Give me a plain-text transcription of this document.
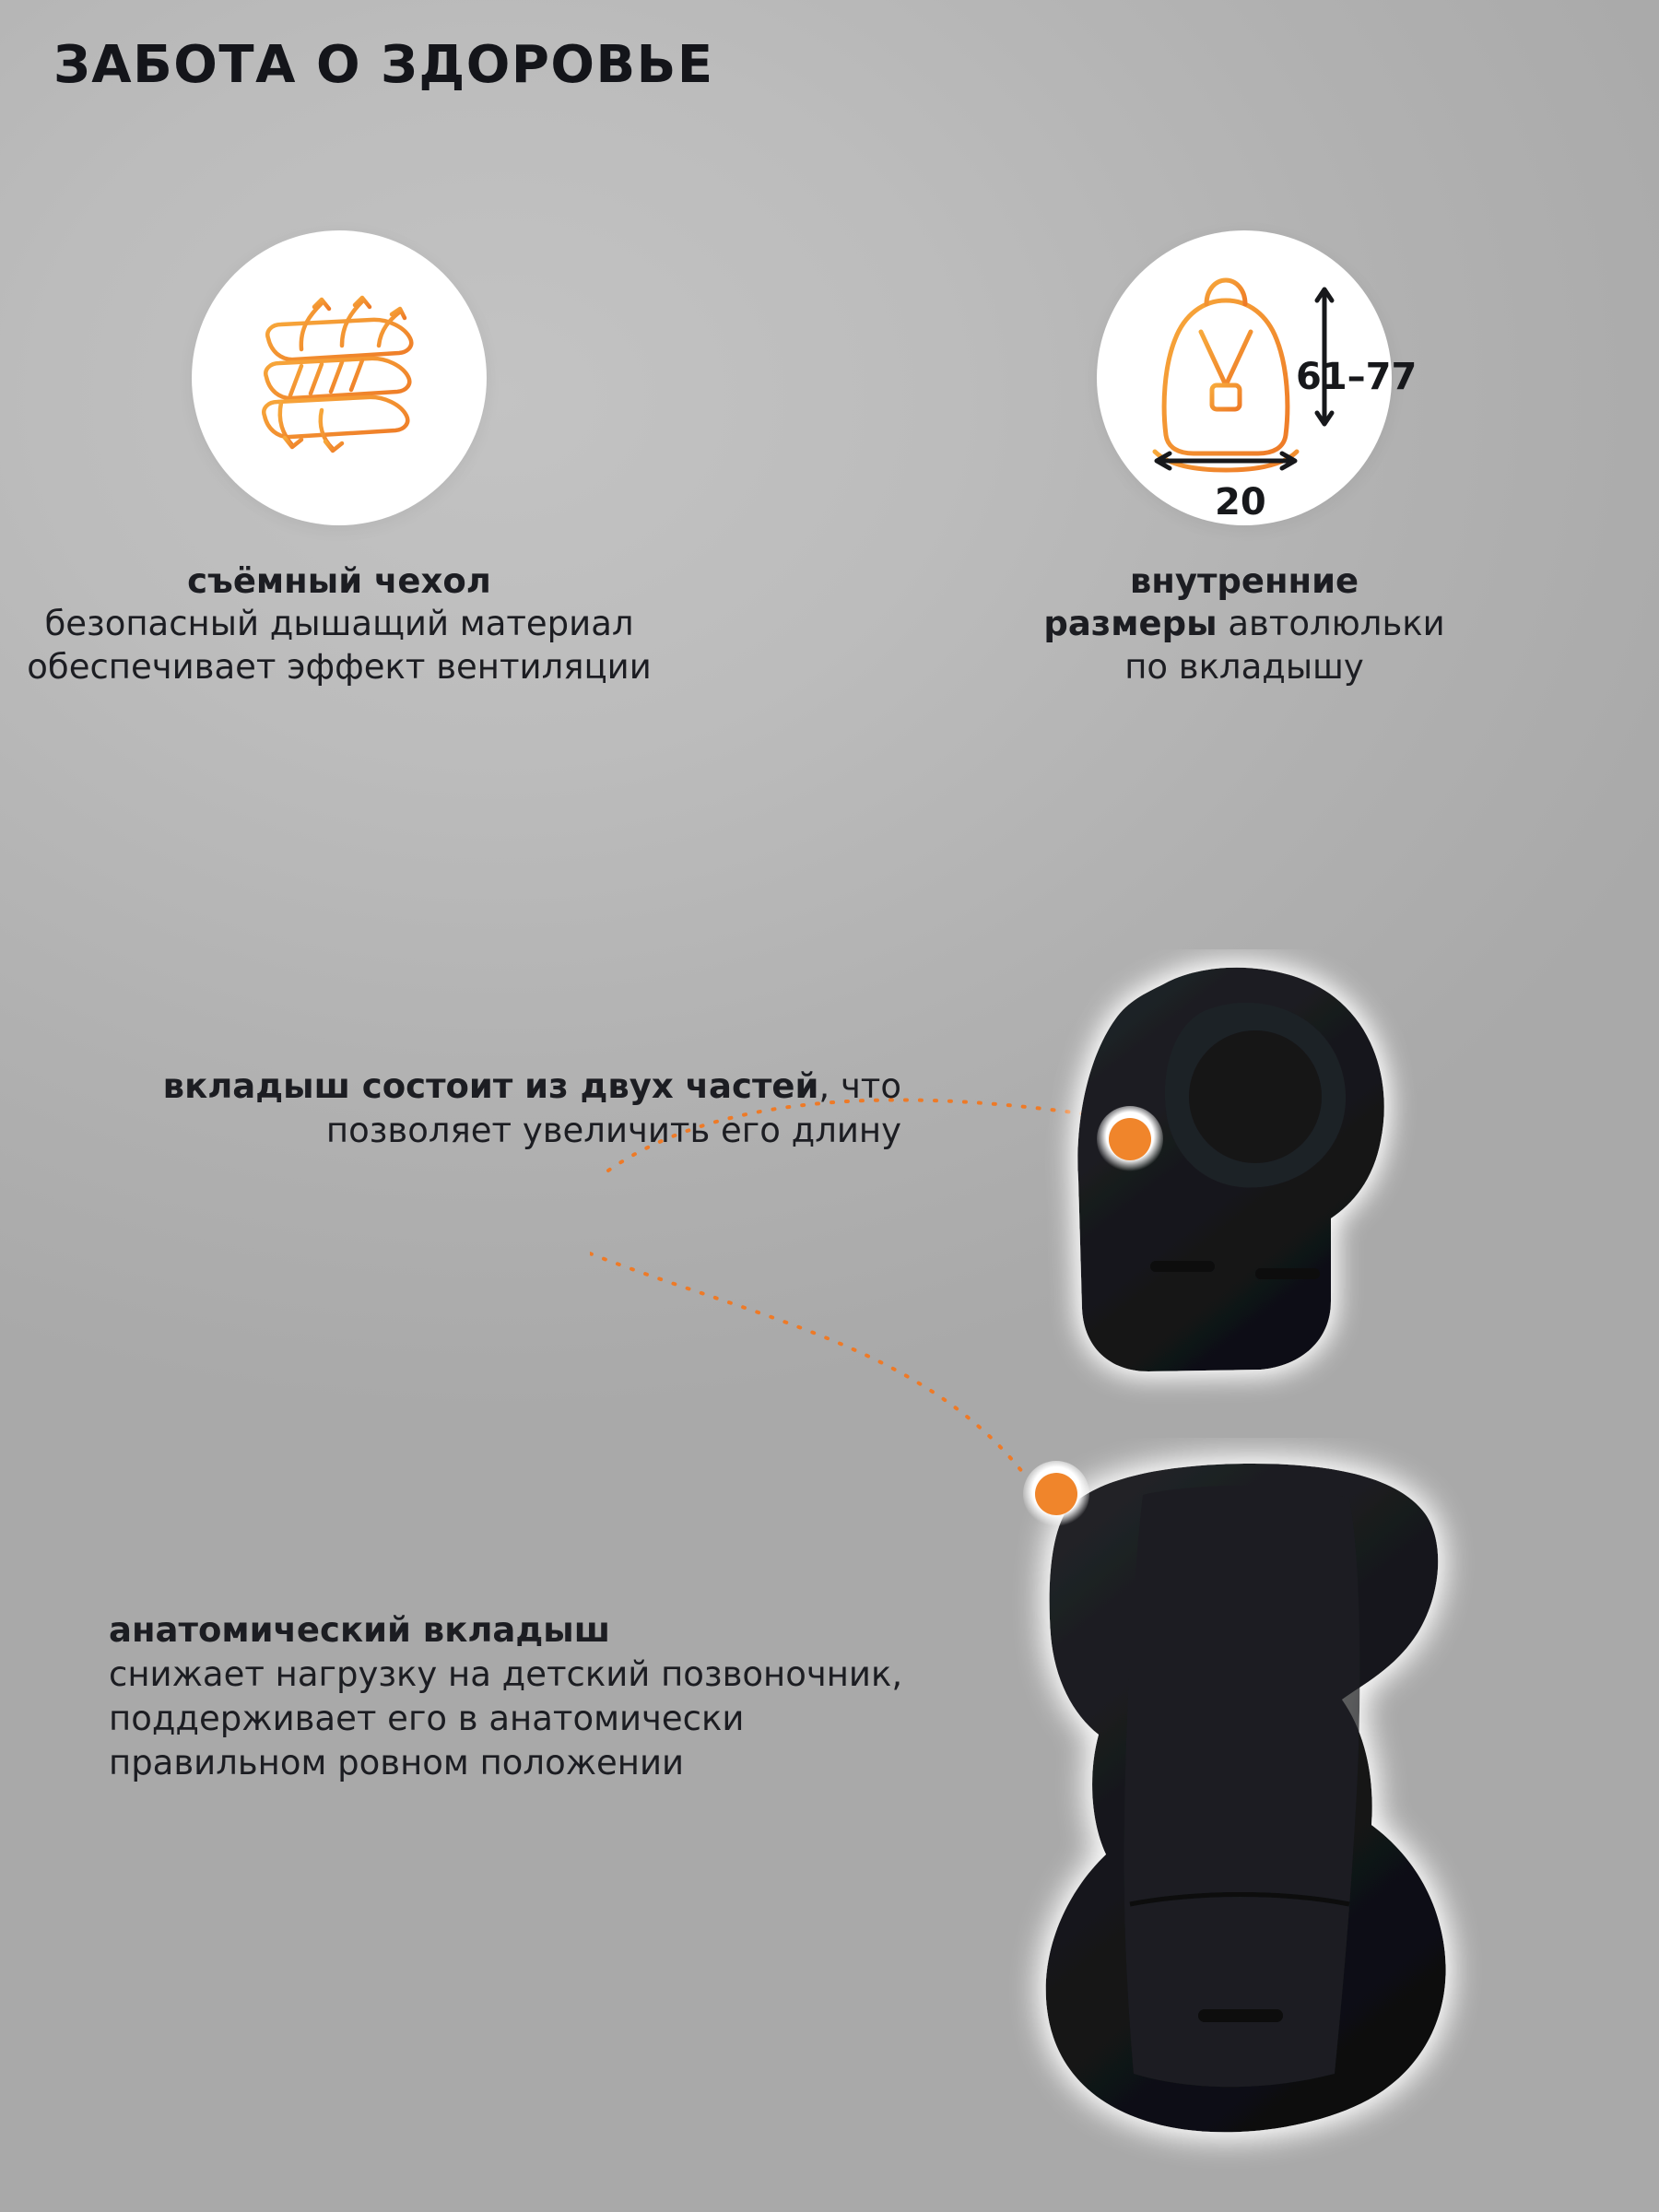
ЗАБОТА О ЗДОРОВЬЕ
съёмный чехол
безопасный дышащий материал обеспечивает эффект вентиляции
внутренние
размеры автолюльки
по вкладышу
61–77
20
вкладыш состоит из двух частей, что позволяет увеличить его длину
анатомический вкладыш
снижает нагрузку на детский позвоночник, поддерживает его в анатомически правильном ровном положении
